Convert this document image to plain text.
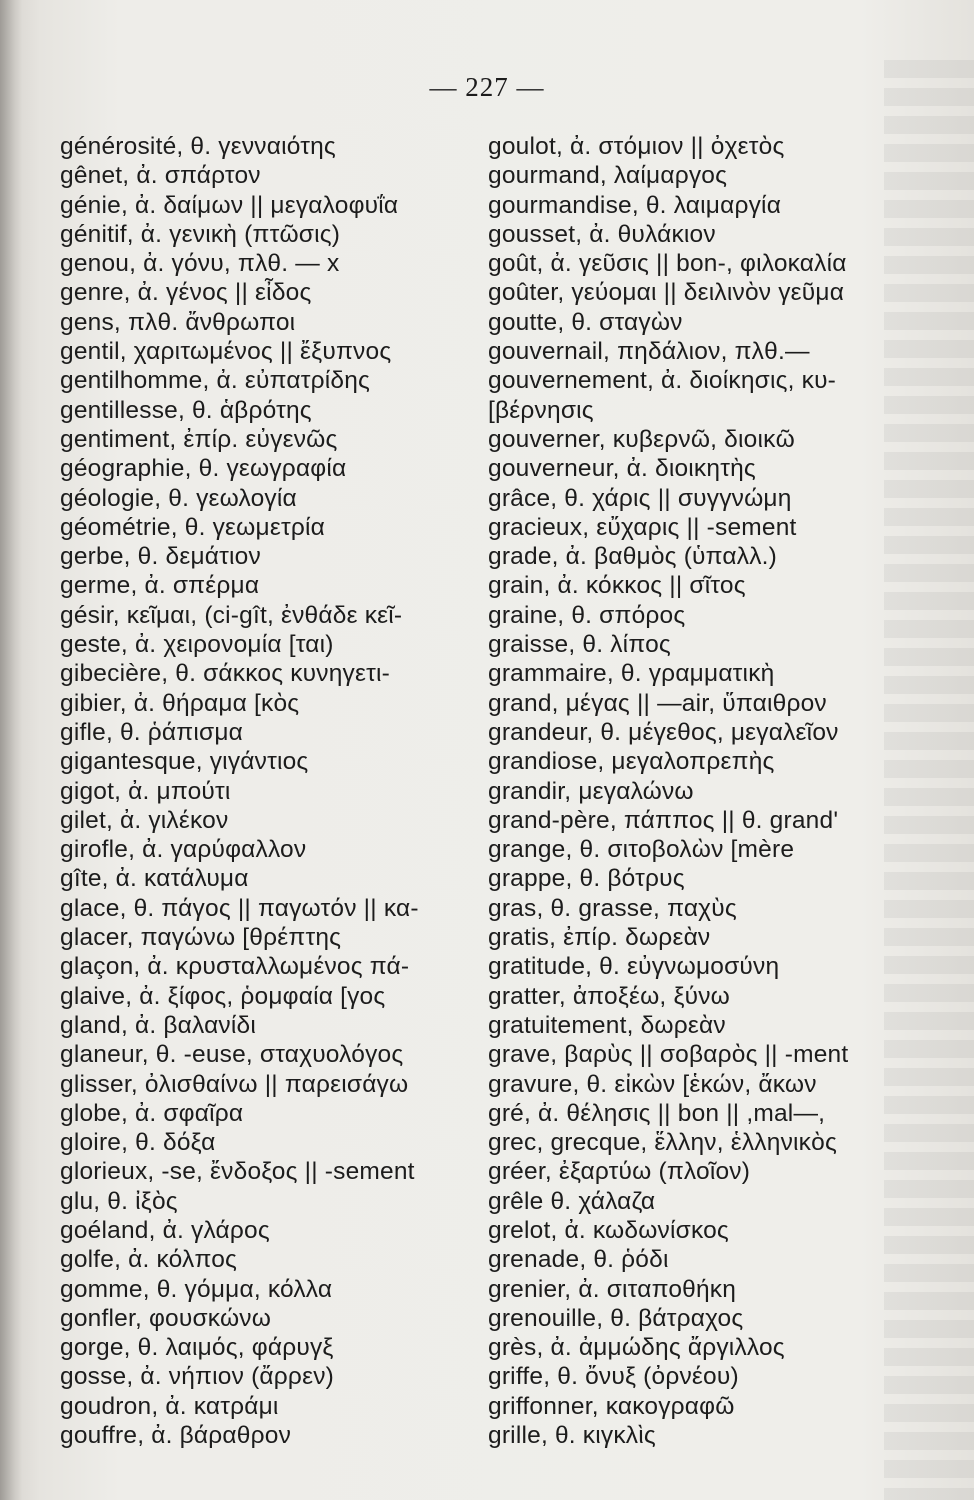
— 227 —
générosité, θ. γενναιότης
gênet, ἀ. σπάρτον
génie, ἀ. δαίμων || μεγαλοφυΐα
génitif, ἀ. γενικὴ (πτῶσις)
genou, ἀ. γόνυ, πλθ. — x
genre, ἀ. γένος || εἶδος
gens, πλθ. ἄνθρωποι
gentil, χαριτωμένος || ἔξυπνος
gentilhomme, ἀ. εὐπατρίδης
gentillesse, θ. ἁβρότης
gentiment, ἐπίρ. εὐγενῶς
géographie, θ. γεωγραφία
géologie, θ. γεωλογία
géométrie, θ. γεωμετρία
gerbe, θ. δεμάτιον
germe, ἀ. σπέρμα
gésir, κεῖμαι, (ci-gît, ἐνθάδε κεῖ-
geste, ἀ. χειρονομία [ται)
gibecière, θ. σάκκος κυνηγετι-
gibier, ἀ. θήραμα [κὸς
gifle, θ. ῥάπισμα
gigantesque, γιγάντιος
gigot, ἀ. μπούτι
gilet, ἀ. γιλέκον
girofle, ἀ. γαρύφαλλον
gîte, ἀ. κατάλυμα
glace, θ. πάγος || παγωτόν || κα-
glacer, παγώνω [θρέπτης
glaçon, ἀ. κρυσταλλωμένος πά-
glaive, ἀ. ξίφος, ῥομφαία [γος
gland, ἀ. βαλανίδι
glaneur, θ. -euse, σταχυολόγος
glisser, ὀλισθαίνω || παρεισάγω
globe, ἀ. σφαῖρα
gloire, θ. δόξα
glorieux, -se, ἔνδοξος || -sement
glu, θ. ἰξὸς
goéland, ἀ. γλάρος
golfe, ἀ. κόλπος
gomme, θ. γόμμα, κόλλα
gonfler, φουσκώνω
gorge, θ. λαιμός, φάρυγξ
gosse, ἀ. νήπιον (ἄρρεν)
goudron, ἀ. κατράμι
gouffre, ἀ. βάραθρον
goulot, ἀ. στόμιον || ὀχετὸς
gourmand, λαίμαργος
gourmandise, θ. λαιμαργία
gousset, ἀ. θυλάκιον
goût, ἀ. γεῦσις || bon-, φιλοκαλία
goûter, γεύομαι || δειλινὸν γεῦμα
goutte, θ. σταγὼν
gouvernail, πηδάλιον, πλθ.—
gouvernement, ἀ. διοίκησις, κυ-
[βέρνησις
gouverner, κυβερνῶ, διοικῶ
gouverneur, ἀ. διοικητὴς
grâce, θ. χάρις || συγγνώμη
gracieux, εὔχαρις || -sement
grade, ἀ. βαθμὸς (ὑπαλλ.)
grain, ἀ. κόκκος || σῖτος
graine, θ. σπόρος
graisse, θ. λίπος
grammaire, θ. γραμματικὴ
grand, μέγας || —air, ὕπαιθρον
grandeur, θ. μέγεθος, μεγαλεῖον
grandiose, μεγαλοπρεπὴς
grandir, μεγαλώνω
grand-père, πάππος || θ. grand'
grange, θ. σιτοβολὼν [mère
grappe, θ. βότρυς
gras, θ. grasse, παχὺς
gratis, ἐπίρ. δωρεὰν
gratitude, θ. εὐγνωμοσύνη
gratter, ἀποξέω, ξύνω
gratuitement, δωρεὰν
grave, βαρὺς || σοβαρὸς || -ment
gravure, θ. εἰκὼν [ἑκών, ἄκων
gré, ἀ. θέλησις || bon || ,mal—,
grec, grecque, ἕλλην, ἑλληνικὸς
gréer, ἐξαρτύω (πλοῖον)
grêle θ. χάλαζα
grelot, ἀ. κωδωνίσκος
grenade, θ. ῥόδι
grenier, ἀ. σιταποθήκη
grenouille, θ. βάτραχος
grès, ἀ. ἀμμώδης ἄργιλλος
griffe, θ. ὄνυξ (ὀρνέου)
griffonner, κακογραφῶ
grille, θ. κιγκλὶς
